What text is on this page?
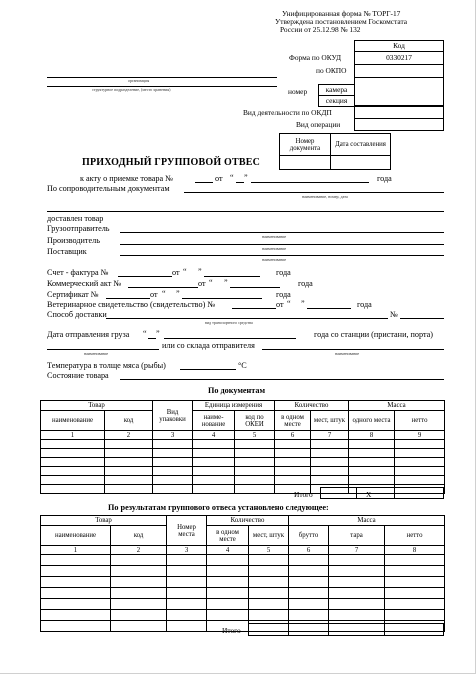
Унифицированная форма № ТОРГ-17
Утверждена постановлением Госкомстата
России от 25.12.98 № 132
Код
0330217
Форма по ОКУД
по ОКПО
организация
камера
секция
номер
структурное подразделение, (место хранения)
Вид деятельности по ОКДП
Вид операции
Номер документа	Дата составления

ПРИХОДНЫЙ ГРУППОВОЙ ОТВЕС
к акту о приемке товара №	от “ ”	года
По сопроводительным документам
наименование, номер, дата
доставлен товар
Грузоотправитель
наименование
Производитель
наименование
Поставщик
наименование
Счет - фактура №	от “ ”	года
Коммерческий акт №	от “ ”	года
Сертификат №	от “ ”	года
Ветеринарное свидетельство (свидетельство) №	от “ ”	года
Способ доставки	№
вид транспортного средства
Дата отправления груза “ ”	года со станции (пристани, порта)
наименование
или со склада отправителя
наименование
Температура в толще мяса (рыбы)	°С
Состояние товара
По документам
Товар		Вид упаковки	Единица измерения		Количество		Масса	
наименование	код		наиме-нование	код по ОКЕИ	в одном месте	мест, штук	одного места	нетто
1	2	3	4	5	6	7	8	9

Итого	X
По результатам группового отвеса установлено следующее:
Товар		Номер места	Количество		Масса		
наименование	код		в одном месте	мест, штук	брутто	тара	нетто
1	2	3	4	5	6	7	8

Итого
